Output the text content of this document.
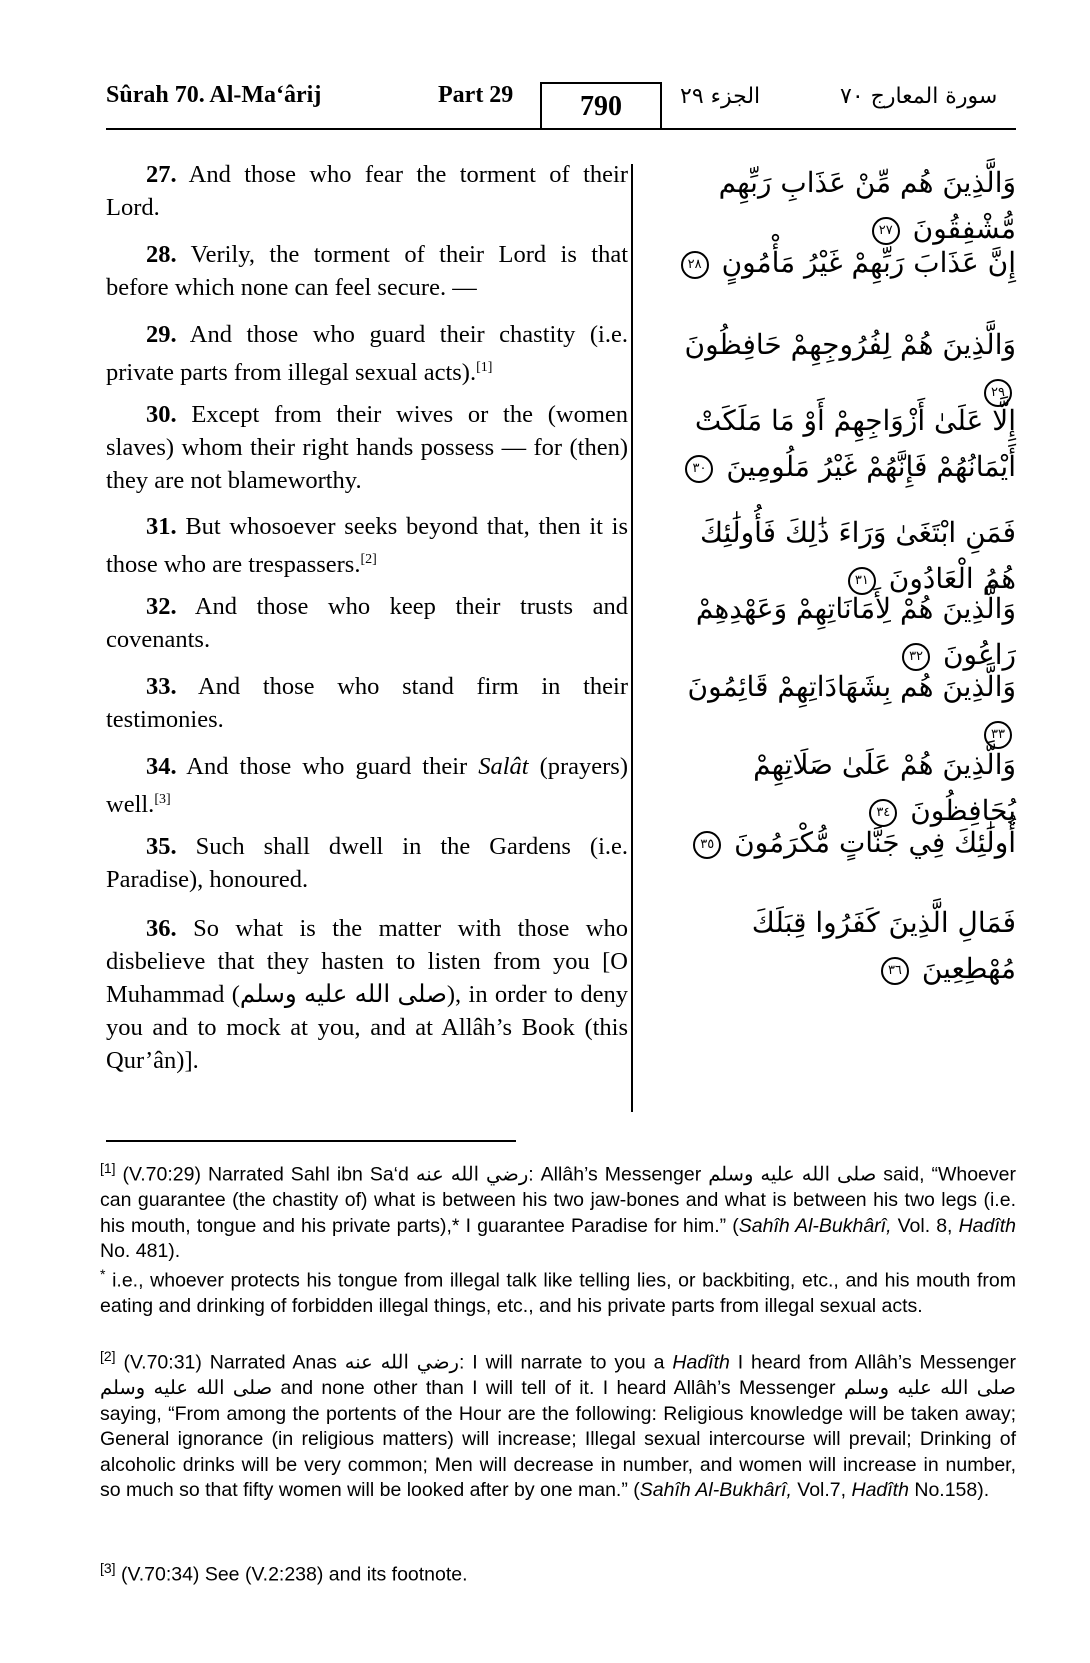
Sûrah 70. Al-Ma‘ârij	Part 29	790	الجزء ٢٩	سورة المعارج ٧٠
27. And those who fear the torment of their Lord.
28. Verily, the torment of their Lord is that before which none can feel secure. —
29. And those who guard their chastity (i.e. private parts from illegal sexual acts).[1]
30. Except from their wives or the (women slaves) whom their right hands possess — for (then) they are not blameworthy.
31. But whosoever seeks beyond that, then it is those who are trespassers.[2]
32. And those who keep their trusts and covenants.
33. And those who stand firm in their testimonies.
34. And those who guard their Salât (prayers) well.[3]
35. Such shall dwell in the Gardens (i.e. Paradise), honoured.
36. So what is the matter with those who disbelieve that they hasten to listen from you [O Muhammad (صلى الله عليه وسلم), in order to deny you and to mock at you, and at Allâh’s Book (this Qur’ân)].
وَالَّذِينَ هُم مِّنْ عَذَابِ رَبِّهِم مُّشْفِقُونَ ٢٧
إِنَّ عَذَابَ رَبِّهِمْ غَيْرُ مَأْمُونٍ ٢٨
وَالَّذِينَ هُمْ لِفُرُوجِهِمْ حَافِظُونَ ٢٩
إِلَّا عَلَىٰ أَزْوَاجِهِمْ أَوْ مَا مَلَكَتْ أَيْمَانُهُمْ فَإِنَّهُمْ غَيْرُ مَلُومِينَ ٣٠
فَمَنِ ابْتَغَىٰ وَرَاءَ ذَٰلِكَ فَأُولَٰئِكَ هُمُ الْعَادُونَ ٣١
وَالَّذِينَ هُمْ لِأَمَانَاتِهِمْ وَعَهْدِهِمْ رَاعُونَ ٣٢
وَالَّذِينَ هُم بِشَهَادَاتِهِمْ قَائِمُونَ ٣٣
وَالَّذِينَ هُمْ عَلَىٰ صَلَاتِهِمْ يُحَافِظُونَ ٣٤
أُولَٰئِكَ فِي جَنَّاتٍ مُّكْرَمُونَ ٣٥
فَمَالِ الَّذِينَ كَفَرُوا قِبَلَكَ مُهْطِعِينَ ٣٦
[1] (V.70:29) Narrated Sahl ibn Sa‘d رضي الله عنه: Allâh’s Messenger صلى الله عليه وسلم said, “Whoever can guarantee (the chastity of) what is between his two jaw-bones and what is between his two legs (i.e. his mouth, tongue and his private parts),* I guarantee Paradise for him.” (Sahîh Al-Bukhârî, Vol. 8, Hadîth No. 481).
* i.e., whoever protects his tongue from illegal talk like telling lies, or backbiting, etc., and his mouth from eating and drinking of forbidden illegal things, etc., and his private parts from illegal sexual acts.
[2] (V.70:31) Narrated Anas رضي الله عنه: I will narrate to you a Hadîth I heard from Allâh’s Messenger صلى الله عليه وسلم and none other than I will tell of it. I heard Allâh’s Messenger صلى الله عليه وسلم saying, “From among the portents of the Hour are the following: Religious knowledge will be taken away; General ignorance (in religious matters) will increase; Illegal sexual intercourse will prevail; Drinking of alcoholic drinks will be very common; Men will decrease in number, and women will increase in number, so much so that fifty women will be looked after by one man.” (Sahîh Al-Bukhârî, Vol.7, Hadîth No.158).
[3] (V.70:34) See (V.2:238) and its footnote.
